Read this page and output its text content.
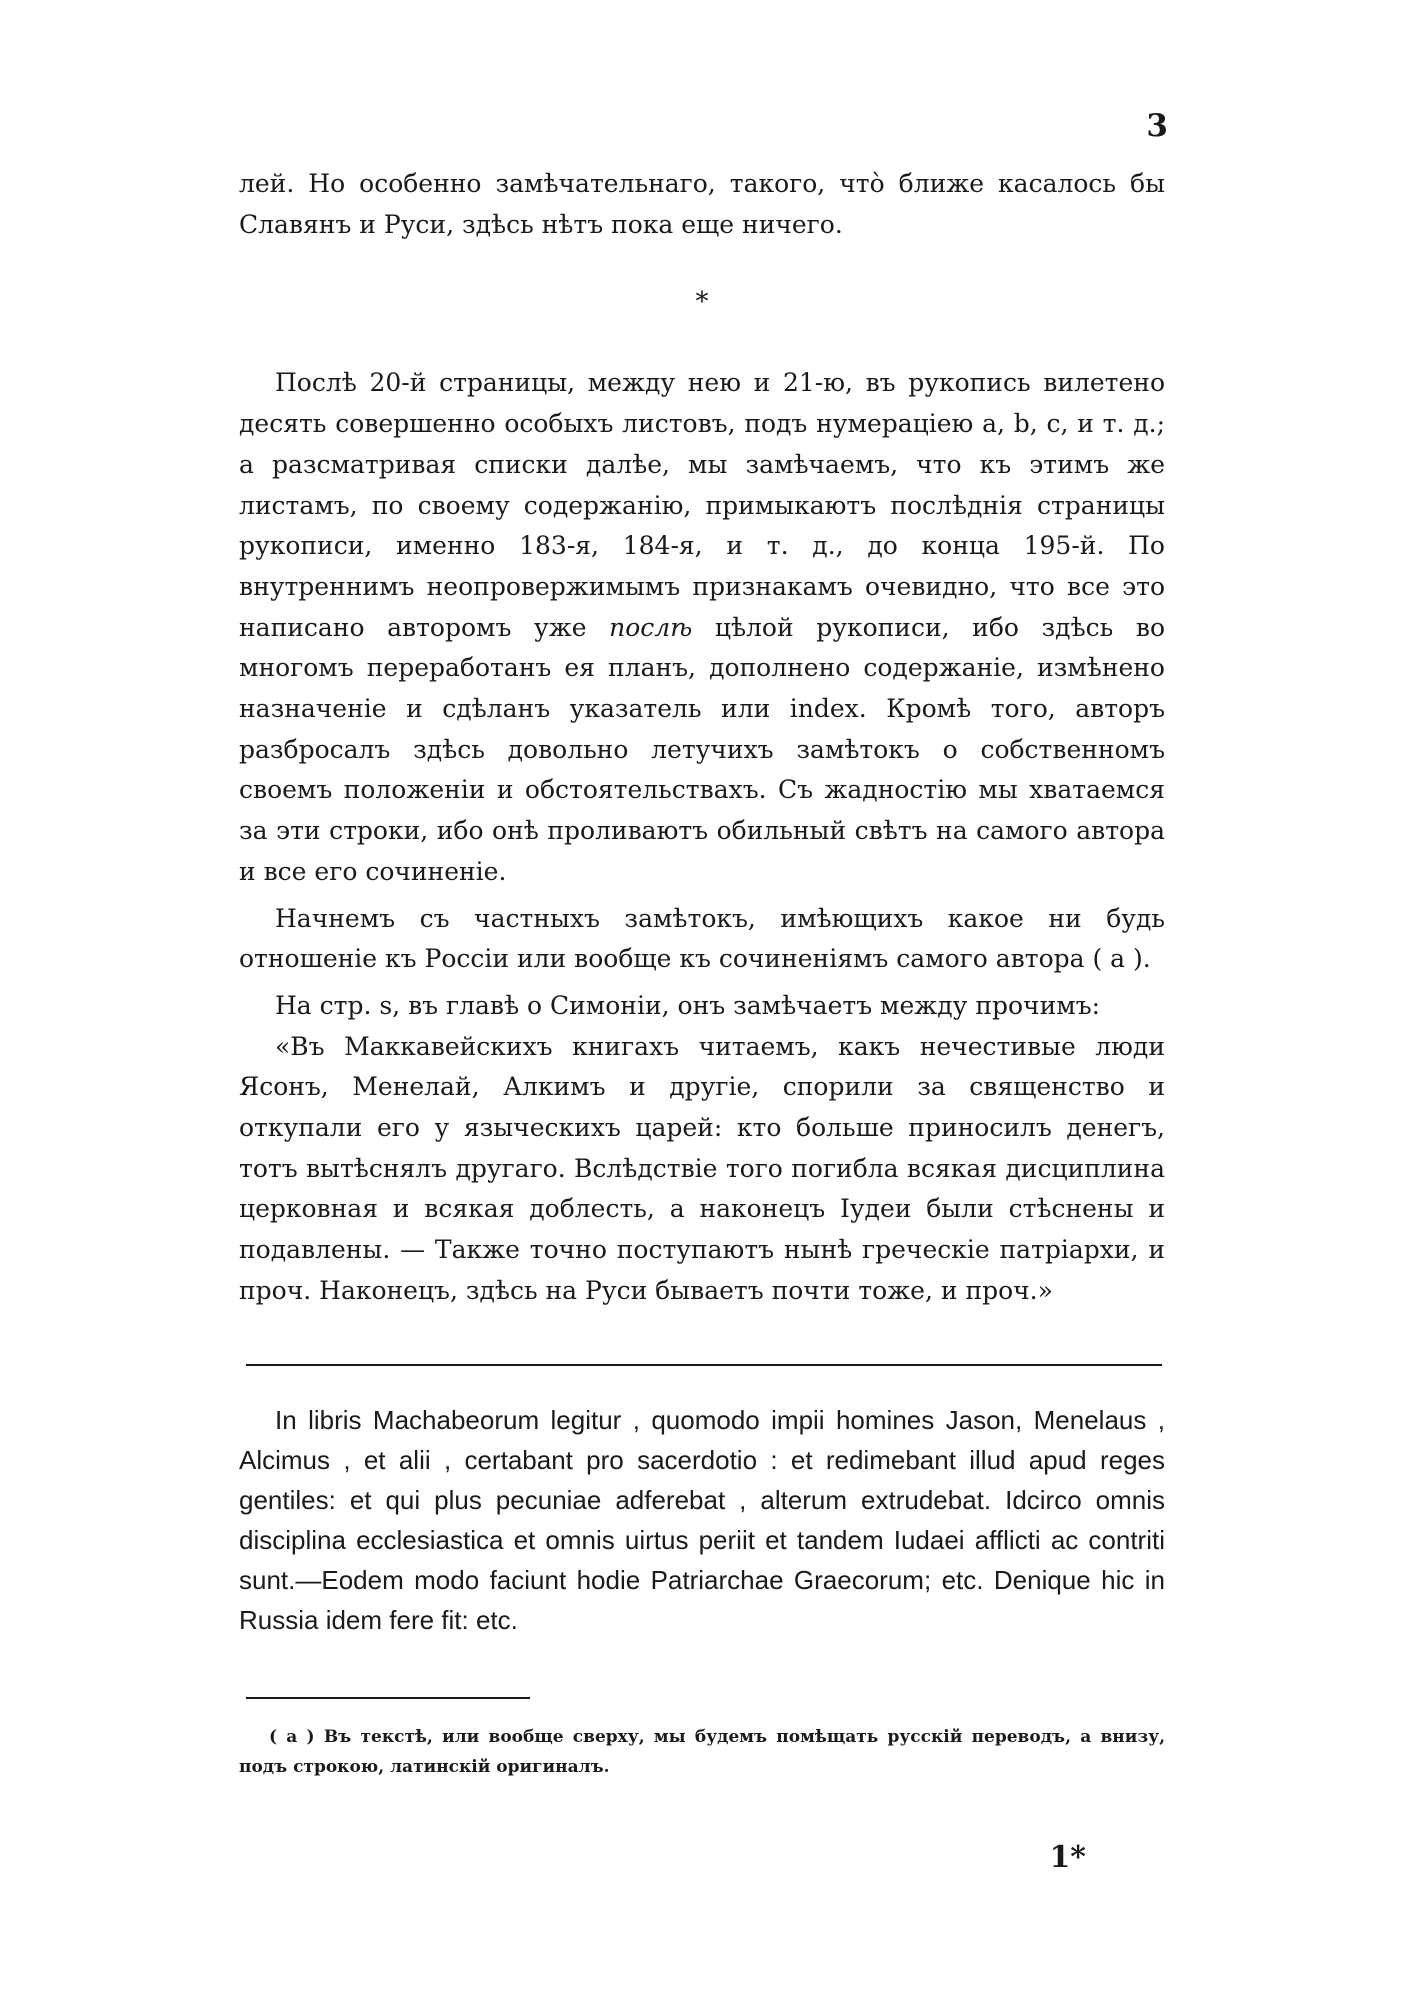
3

лей. Но особенно замѣчательнаго, такого, что̀ ближе касалось бы Славянъ и Руси, здѣсь нѣтъ пока еще ничего.

*

Послѣ 20-й страницы, между нею и 21-ю, въ рукопись вилетено десять совершенно особыхъ листовъ, подъ нумераціею a, b, c, и т. д.; а разсматривая списки далѣе, мы замѣчаемъ, что къ этимъ же листамъ, по своему содержанію, примыкаютъ послѣднія страницы рукописи, именно 183-я, 184-я, и т. д., до конца 195-й. По внутреннимъ неопровержимымъ признакамъ очевидно, что все это написано авторомъ уже послѣ цѣлой рукописи, ибо здѣсь во многомъ переработанъ ея планъ, дополнено содержаніе, измѣнено назначеніе и сдѣланъ указатель или index. Кромѣ того, авторъ разбросалъ здѣсь довольно летучихъ замѣтокъ о собственномъ своемъ положеніи и обстоятельствахъ. Съ жадностію мы хватаемся за эти строки, ибо онѣ проливаютъ обильный свѣтъ на самого автора и все его сочиненіе.

Начнемъ съ частныхъ замѣтокъ, имѣющихъ какое ни будь отношеніе къ Россіи или вообще къ сочиненіямъ самого автора ( а ).

На стр. s, въ главѣ о Симоніи, онъ замѣчаетъ между прочимъ:

«Въ Маккавейскихъ книгахъ читаемъ, какъ нечестивые люди Ясонъ, Менелай, Алкимъ и другіе, спорили за священство и откупали его у языческихъ царей: кто больше приносилъ денегъ, тотъ вытѣснялъ другаго. Вслѣдствіе того погибла всякая дисциплина церковная и всякая доблесть, а наконецъ Іудеи были стѣснены и подавлены. — Также точно поступаютъ нынѣ греческіе патріархи, и проч. Наконецъ, здѣсь на Руси бываетъ почти тоже, и проч.»

In libris Machabeorum legitur , quomodo impii homines Jason, Menelaus , Alcimus , et alii , certabant pro sacerdotio : et redimebant illud apud reges gentiles: et qui plus pecuniae adferebat , alterum extrudebat. Idcirco omnis disciplina ecclesiastica et omnis uirtus periit et tandem Iudaei afflicti ac contriti sunt.—Eodem modo faciunt hodie Patriarchae Graecorum; etc. Denique hic in Russia idem fere fit: etc.

( а ) Въ текстѣ, или вообще сверху, мы будемъ помѣщать русскій переводъ, а внизу, подъ строкою, латинскій оригиналъ.

1*
